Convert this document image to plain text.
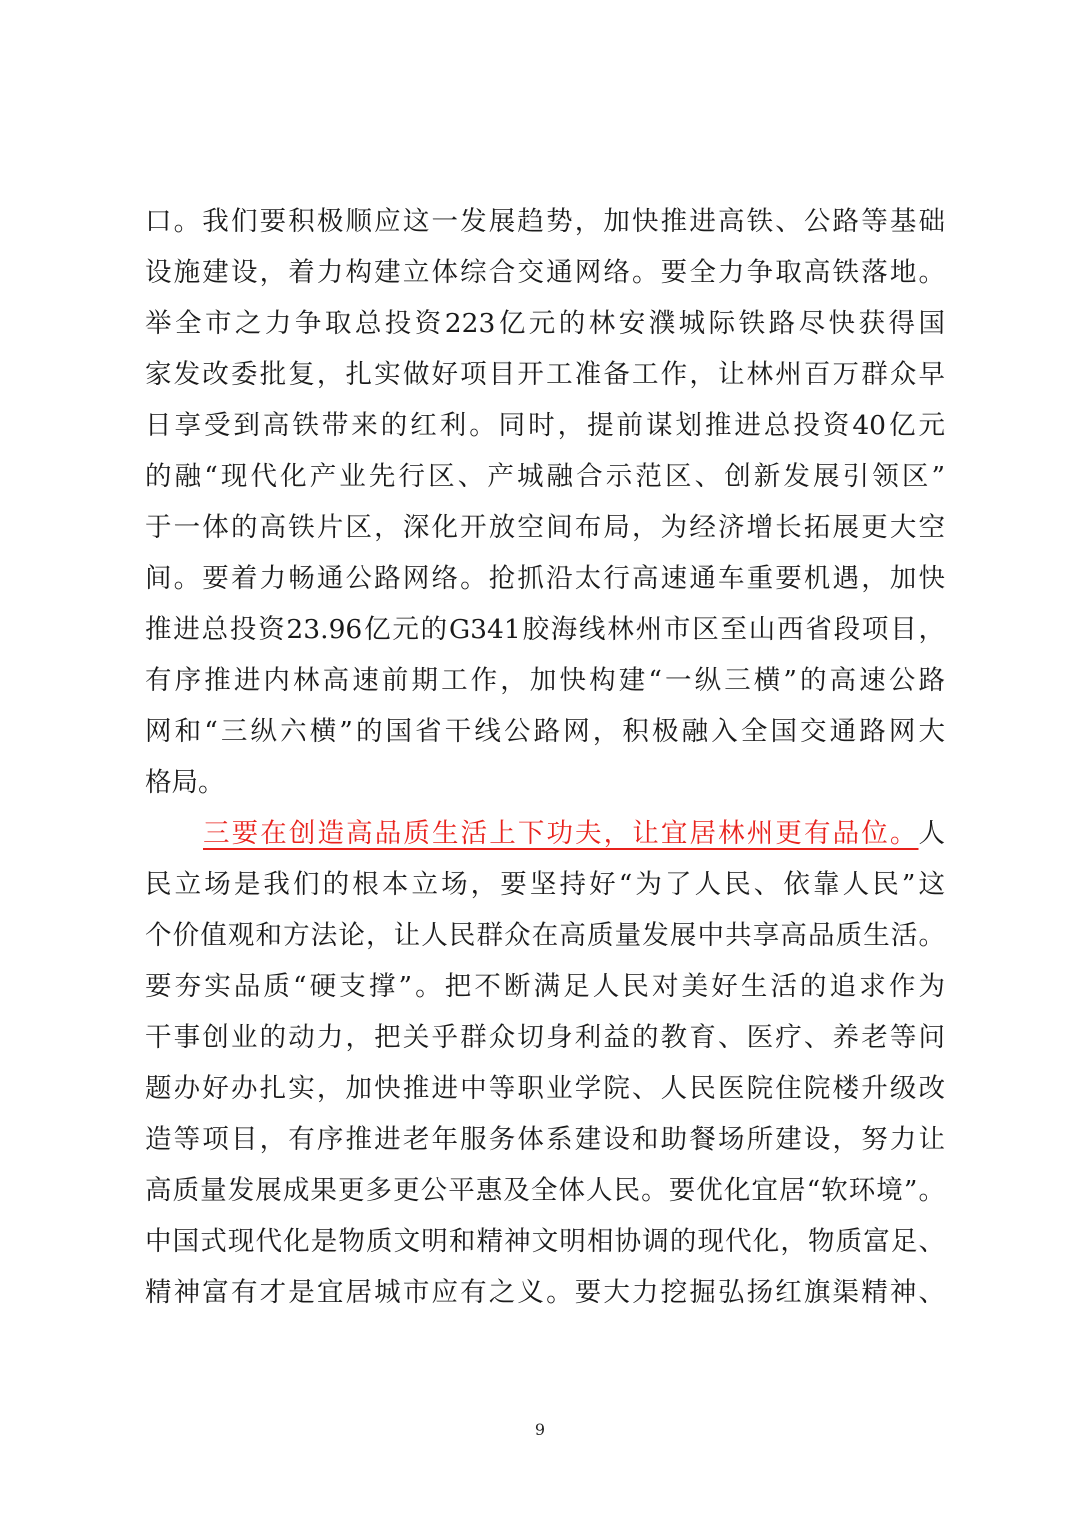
口。我们要积极顺应这一发展趋势，加快推进高铁、公路等基础
设施建设，着力构建立体综合交通网络。要全力争取高铁落地。
举全市之力争取总投资223亿元的林安濮城际铁路尽快获得国
家发改委批复，扎实做好项目开工准备工作，让林州百万群众早
日享受到高铁带来的红利。同时，提前谋划推进总投资40亿元
的融“现代化产业先行区、产城融合示范区、创新发展引领区”
于一体的高铁片区，深化开放空间布局，为经济增长拓展更大空
间。要着力畅通公路网络。抢抓沿太行高速通车重要机遇，加快
推进总投资23.96亿元的G341胶海线林州市区至山西省段项目，
有序推进内林高速前期工作，加快构建“一纵三横”的高速公路
网和“三纵六横”的国省干线公路网，积极融入全国交通路网大
格局。
三要在创造高品质生活上下功夫，让宜居林州更有品位。人
民立场是我们的根本立场，要坚持好“为了人民、依靠人民”这
个价值观和方法论，让人民群众在高质量发展中共享高品质生活。
要夯实品质“硬支撑”。把不断满足人民对美好生活的追求作为
干事创业的动力，把关乎群众切身利益的教育、医疗、养老等问
题办好办扎实，加快推进中等职业学院、人民医院住院楼升级改
造等项目，有序推进老年服务体系建设和助餐场所建设，努力让
高质量发展成果更多更公平惠及全体人民。要优化宜居“软环境”。
中国式现代化是物质文明和精神文明相协调的现代化，物质富足、
精神富有才是宜居城市应有之义。要大力挖掘弘扬红旗渠精神、
9
